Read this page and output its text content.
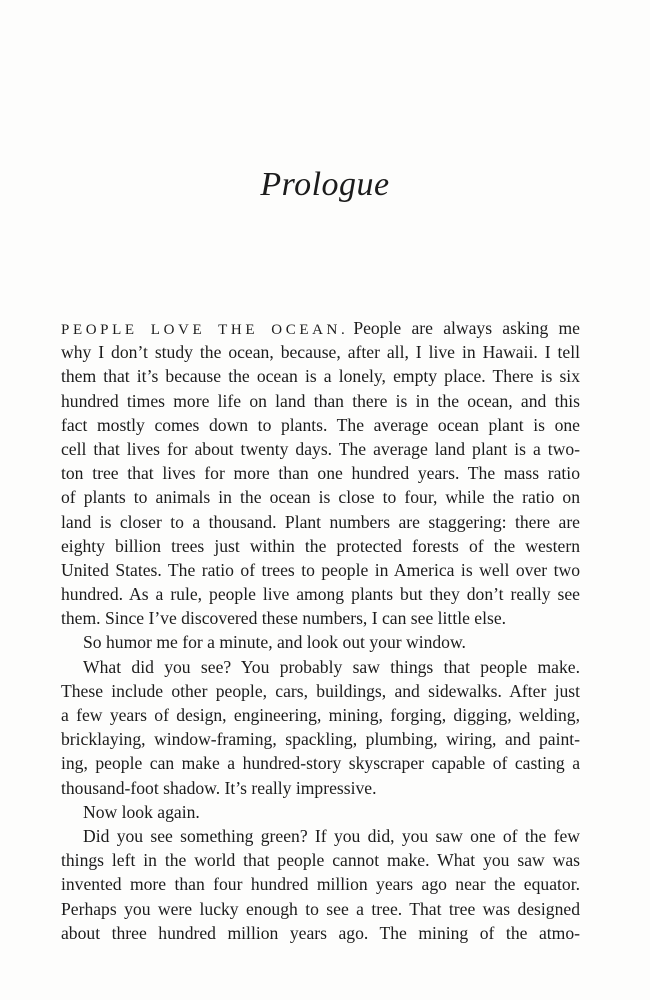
Prologue
PEOPLE LOVE THE OCEAN. People are always asking me
why I don’t study the ocean, because, after all, I live in Hawaii. I tell
them that it’s because the ocean is a lonely, empty place. There is six
hundred times more life on land than there is in the ocean, and this
fact mostly comes down to plants. The average ocean plant is one
cell that lives for about twenty days. The average land plant is a two-
ton tree that lives for more than one hundred years. The mass ratio
of plants to animals in the ocean is close to four, while the ratio on
land is closer to a thousand. Plant numbers are staggering: there are
eighty billion trees just within the protected forests of the western
United States. The ratio of trees to people in America is well over two
hundred. As a rule, people live among plants but they don’t really see
them. Since I’ve discovered these numbers, I can see little else.
So humor me for a minute, and look out your window.
What did you see? You probably saw things that people make.
These include other people, cars, buildings, and sidewalks. After just
a few years of design, engineering, mining, forging, digging, welding,
bricklaying, window-framing, spackling, plumbing, wiring, and paint-
ing, people can make a hundred-story skyscraper capable of casting a
thousand-foot shadow. It’s really impressive.
Now look again.
Did you see something green? If you did, you saw one of the few
things left in the world that people cannot make. What you saw was
invented more than four hundred million years ago near the equator.
Perhaps you were lucky enough to see a tree. That tree was designed
about three hundred million years ago. The mining of the atmo-
